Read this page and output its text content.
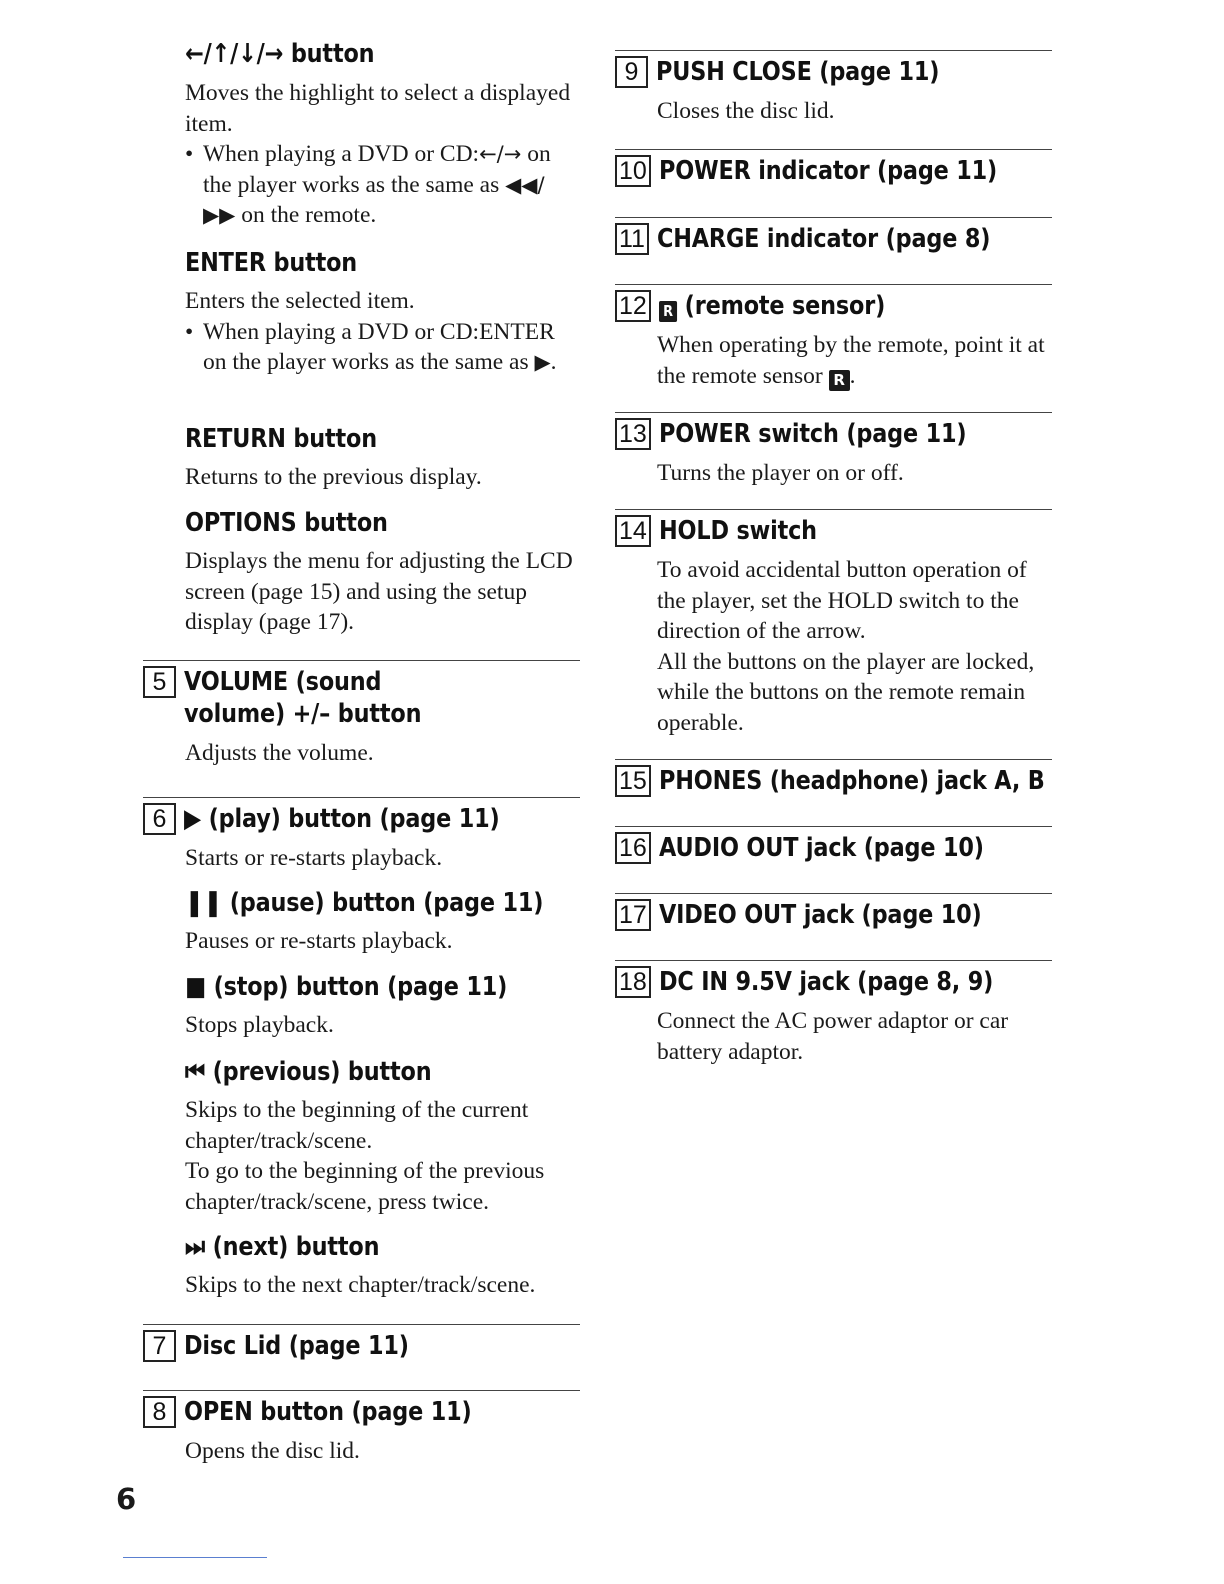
←/↑/↓/→ button
Moves the highlight to select a displayed item.
• When playing a DVD or CD:←/→ on the player works as the same as ◀◀/ ▶▶ on the remote.
ENTER button
Enters the selected item.
• When playing a DVD or CD:ENTER on the player works as the same as ▶.
RETURN button
Returns to the previous display.
OPTIONS button
Displays the menu for adjusting the LCD screen (page 15) and using the setup display (page 17).
5 VOLUME (sound volume) +/– button
Adjusts the volume.
6 ▶ (play) button (page 11)
Starts or re-starts playback.
❚❚ (pause) button (page 11)
Pauses or re-starts playback.
■ (stop) button (page 11)
Stops playback.
⏮ (previous) button
Skips to the beginning of the current chapter/track/scene.
To go to the beginning of the previous chapter/track/scene, press twice.
⏭ (next) button
Skips to the next chapter/track/scene.
7 Disc Lid (page 11)
8 OPEN button (page 11)
Opens the disc lid.
9 PUSH CLOSE (page 11)
Closes the disc lid.
10 POWER indicator (page 11)
11 CHARGE indicator (page 8)
12 R (remote sensor)
When operating by the remote, point it at the remote sensor R .
13 POWER switch (page 11)
Turns the player on or off.
14 HOLD switch
To avoid accidental button operation of the player, set the HOLD switch to the direction of the arrow.
All the buttons on the player are locked, while the buttons on the remote remain operable.
15 PHONES (headphone) jack A, B
16 AUDIO OUT jack (page 10)
17 VIDEO OUT jack (page 10)
18 DC IN 9.5V jack (page 8, 9)
Connect the AC power adaptor or car battery adaptor.
6
